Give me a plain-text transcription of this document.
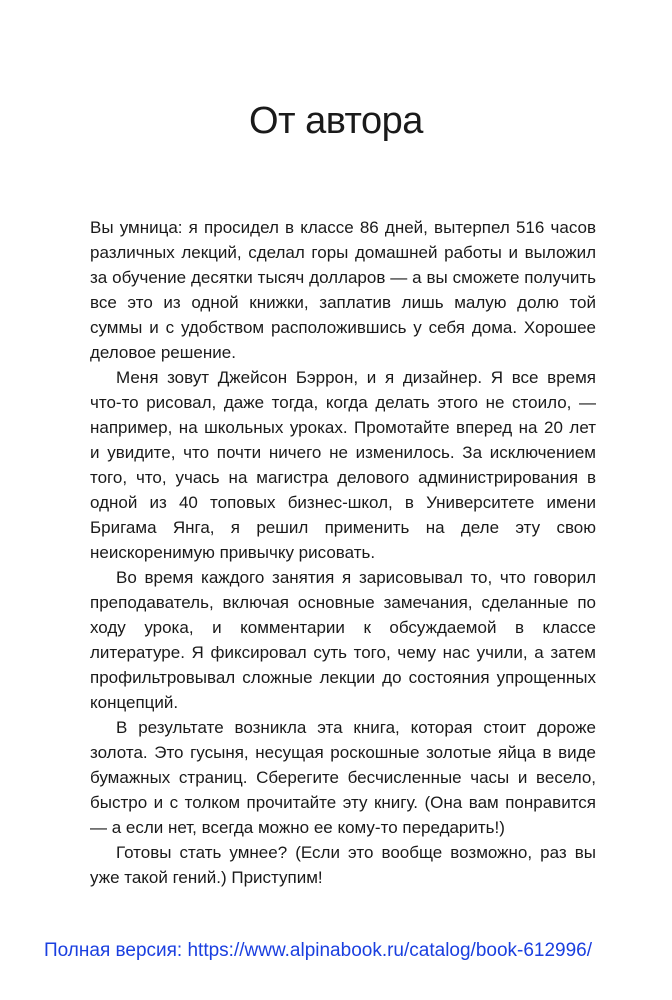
От автора

Вы умница: я просидел в классе 86 дней, вытерпел 516 часов различных лекций, сделал горы домашней работы и выложил за обучение десятки тысяч долларов — а вы сможете получить все это из одной книжки, заплатив лишь малую долю той суммы и с удобством расположившись у себя дома. Хорошее деловое решение.

Меня зовут Джейсон Бэррон, и я дизайнер. Я все время что-то рисовал, даже тогда, когда делать этого не стоило, — например, на школьных уроках. Промотайте вперед на 20 лет и увидите, что почти ничего не изменилось. За исключением того, что, учась на магистра делового администрирования в одной из 40 топовых бизнес-школ, в Университете имени Бригама Янга, я решил применить на деле эту свою неискоренимую привычку рисовать.

Во время каждого занятия я зарисовывал то, что говорил преподаватель, включая основные замечания, сделанные по ходу урока, и комментарии к обсуждаемой в классе литературе. Я фиксировал суть того, чему нас учили, а затем профильтровывал сложные лекции до состояния упрощенных концепций.

В результате возникла эта книга, которая стоит дороже золота. Это гусыня, несущая роскошные золотые яйца в виде бумажных страниц. Сберегите бесчисленные часы и весело, быстро и с толком прочитайте эту книгу. (Она вам понравится — а если нет, всегда можно ее кому-то передарить!)

Готовы стать умнее? (Если это вообще возможно, раз вы уже такой гений.) Приступим!

Полная версия: https://www.alpinabook.ru/catalog/book-612996/
